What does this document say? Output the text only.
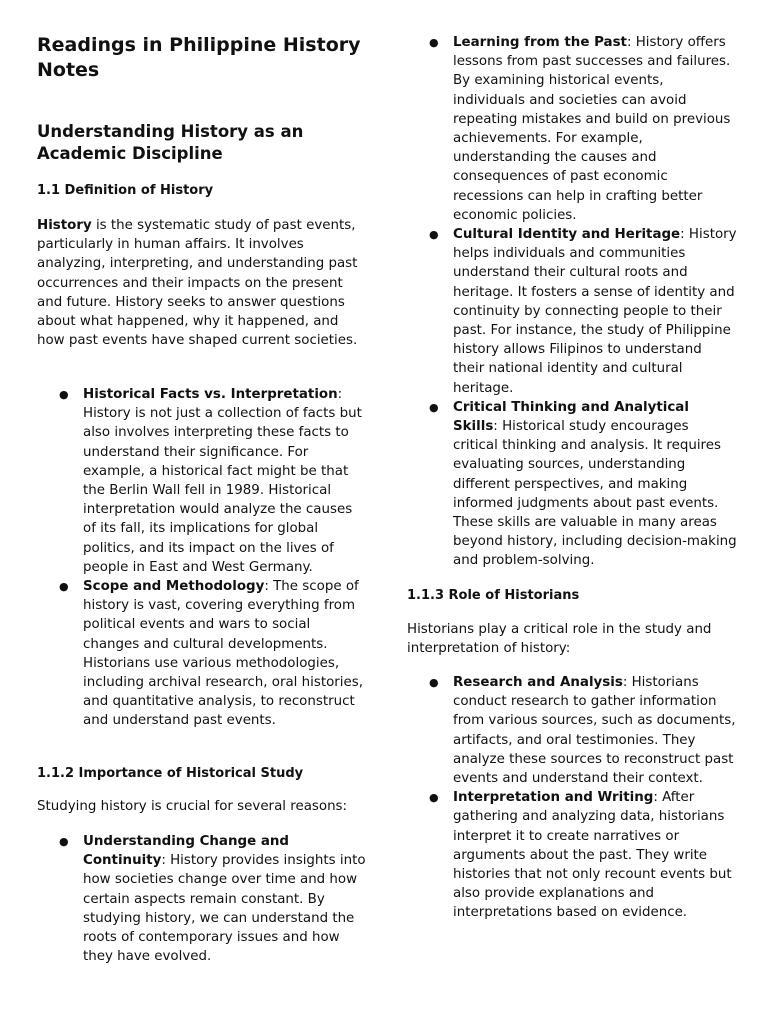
Readings in Philippine History Notes
Understanding History as an Academic Discipline
1.1 Definition of History

History is the systematic study of past events, particularly in human affairs. It involves analyzing, interpreting, and understanding past occurrences and their impacts on the present and future. History seeks to answer questions about what happened, why it happened, and how past events have shaped current societies.

● Historical Facts vs. Interpretation: History is not just a collection of facts but also involves interpreting these facts to understand their significance. For example, a historical fact might be that the Berlin Wall fell in 1989. Historical interpretation would analyze the causes of its fall, its implications for global politics, and its impact on the lives of people in East and West Germany.
● Scope and Methodology: The scope of history is vast, covering everything from political events and wars to social changes and cultural developments. Historians use various methodologies, including archival research, oral histories, and quantitative analysis, to reconstruct and understand past events.
1.1.2 Importance of Historical Study

Studying history is crucial for several reasons:

● Understanding Change and Continuity: History provides insights into how societies change over time and how certain aspects remain constant. By studying history, we can understand the roots of contemporary issues and how they have evolved.
● Learning from the Past: History offers lessons from past successes and failures. By examining historical events, individuals and societies can avoid repeating mistakes and build on previous achievements. For example, understanding the causes and consequences of past economic recessions can help in crafting better economic policies.
● Cultural Identity and Heritage: History helps individuals and communities understand their cultural roots and heritage. It fosters a sense of identity and continuity by connecting people to their past. For instance, the study of Philippine history allows Filipinos to understand their national identity and cultural heritage.
● Critical Thinking and Analytical Skills: Historical study encourages critical thinking and analysis. It requires evaluating sources, understanding different perspectives, and making informed judgments about past events. These skills are valuable in many areas beyond history, including decision-making and problem-solving.
1.1.3 Role of Historians

Historians play a critical role in the study and interpretation of history:

● Research and Analysis: Historians conduct research to gather information from various sources, such as documents, artifacts, and oral testimonies. They analyze these sources to reconstruct past events and understand their context.
● Interpretation and Writing: After gathering and analyzing data, historians interpret it to create narratives or arguments about the past. They write histories that not only recount events but also provide explanations and interpretations based on evidence.
